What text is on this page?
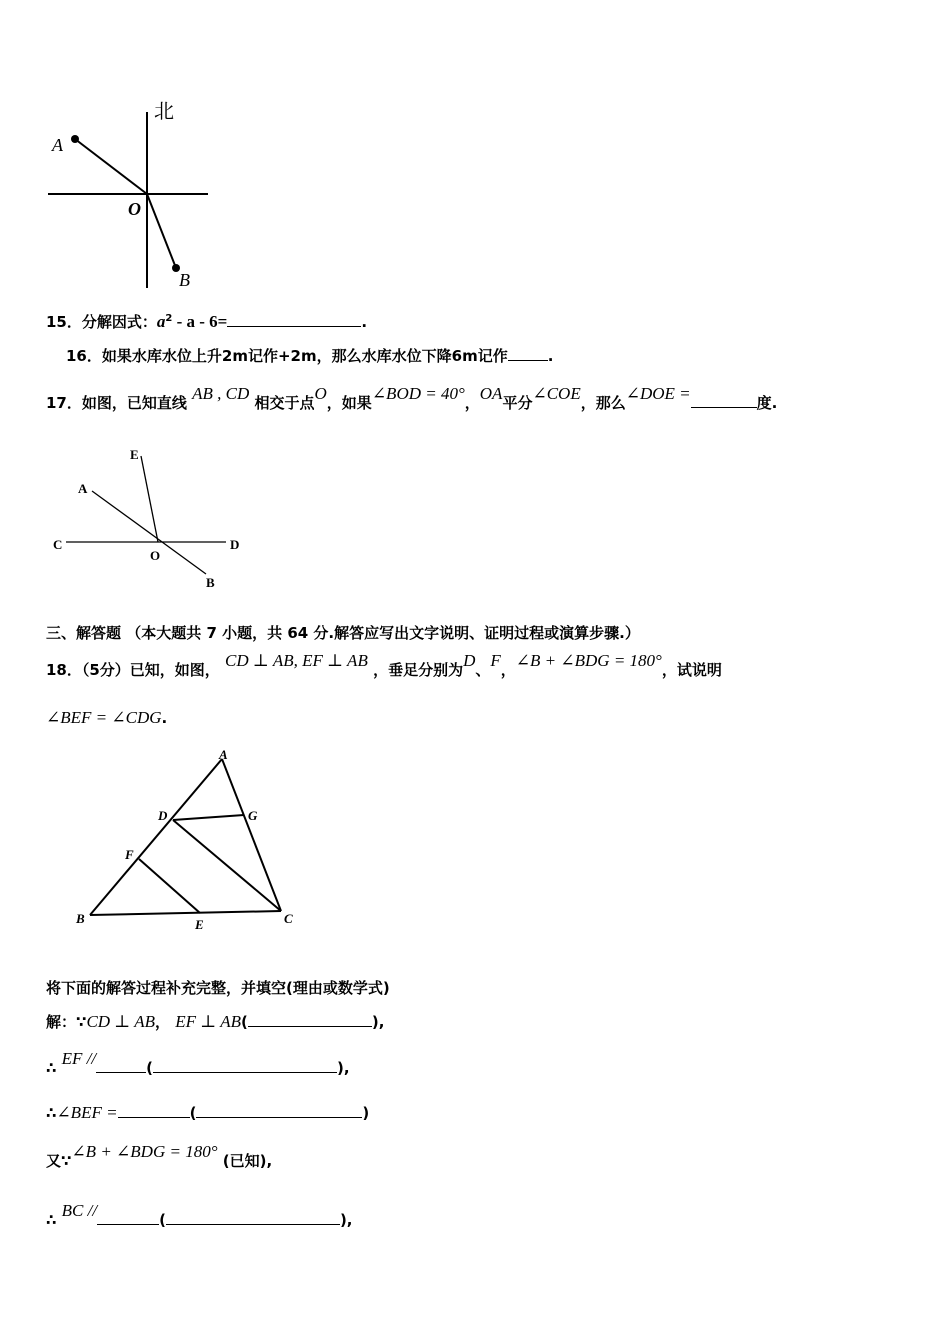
北
A
O
B
15．分解因式：$a^2 - a - 6=$	.
16．如果水库水位上升2m记作+2m，那么水库水位下降6m记作	.
17．如图，已知直线 AB , CD 相交于点O，如果∠BOD = 40°，OA平分∠COE，那么∠DOE =	度.
E
A
C
O
D
B
三、解答题 （本大题共 7 小题，共 64 分.解答应写出文字说明、证明过程或演算步骤.）
18．（5分）已知，如图， CD ⊥ AB, EF ⊥ AB ，垂足分别为D、F，∠B + ∠BDG = 180°，试说明
∠BEF = ∠CDG.
A
D	G
F
B	E	C
将下面的解答过程补充完整，并填空(理由或数学式)
解：∵CD ⊥ AB， EF ⊥ AB(	),
∴ EF //	(	),
∴∠BEF =	(	)
又∵∠B + ∠BDG = 180° (已知),
∴ BC //	(	),
